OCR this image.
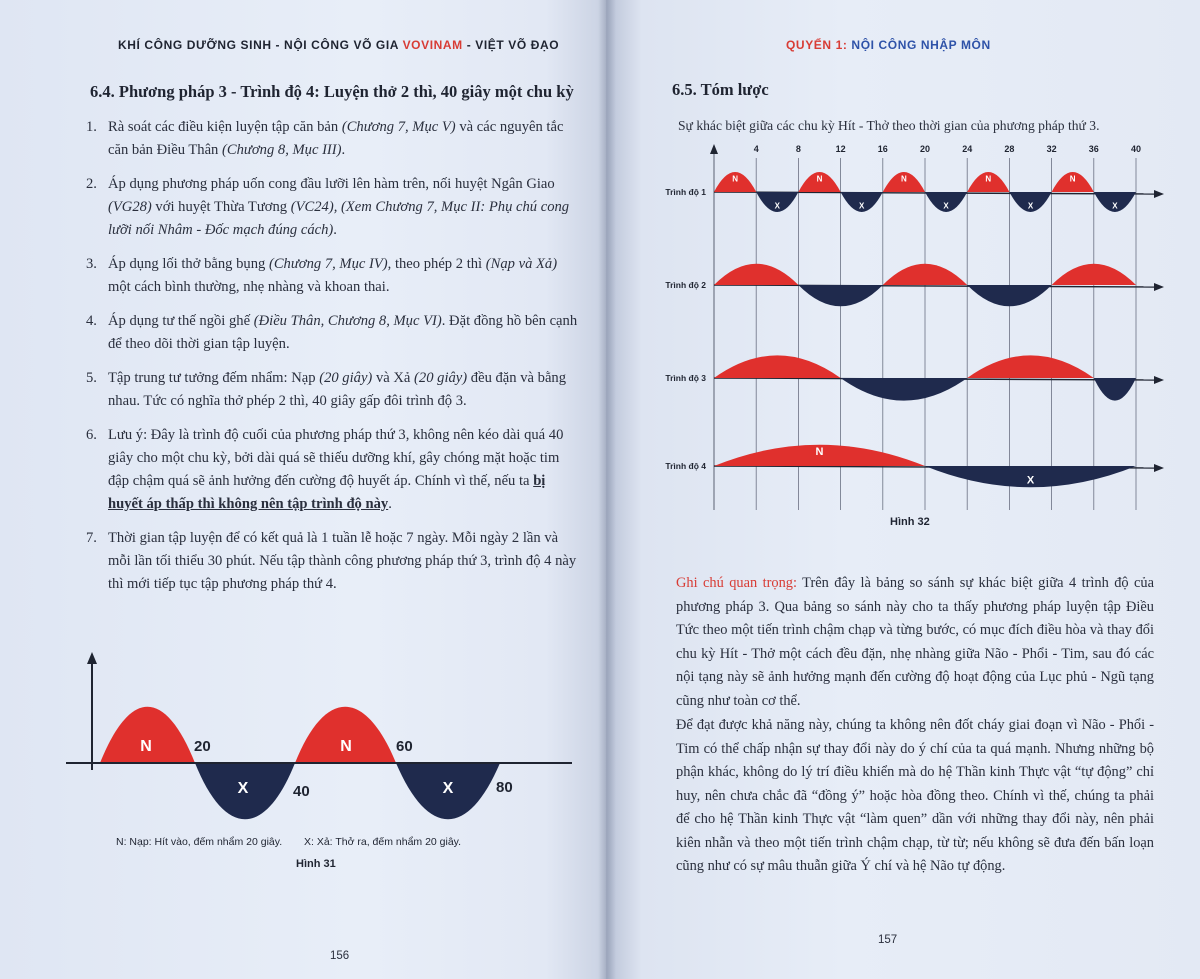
KHÍ CÔNG DƯỠNG SINH - NỘI CÔNG VÕ GIA VOVINAM - VIỆT VÕ ĐẠO
6.4. Phương pháp 3 - Trình độ 4: Luyện thở 2 thì, 40 giây một chu kỳ
1. Rà soát các điều kiện luyện tập căn bản (Chương 7, Mục V) và các nguyên tắc căn bản Điều Thân (Chương 8, Mục III).
2. Áp dụng phương pháp uốn cong đầu lưỡi lên hàm trên, nối huyệt Ngân Giao (VG28) với huyệt Thừa Tương (VC24), (Xem Chương 7, Mục II: Phụ chú cong lưỡi nối Nhâm - Đốc mạch đúng cách).
3. Áp dụng lối thở bằng bụng (Chương 7, Mục IV), theo phép 2 thì (Nạp và Xả) một cách bình thường, nhẹ nhàng và khoan thai.
4. Áp dụng tư thế ngồi ghế (Điều Thân, Chương 8, Mục VI). Đặt đồng hồ bên cạnh để theo dõi thời gian tập luyện.
5. Tập trung tư tưởng đếm nhẩm: Nạp (20 giây) và Xả (20 giây) đều đặn và bằng nhau. Tức có nghĩa thở phép 2 thì, 40 giây gấp đôi trình độ 3.
6. Lưu ý: Đây là trình độ cuối của phương pháp thứ 3, không nên kéo dài quá 40 giây cho một chu kỳ, bởi dài quá sẽ thiếu dưỡng khí, gây chóng mặt hoặc tim đập chậm quá sẽ ảnh hưởng đến cường độ huyết áp. Chính vì thế, nếu ta bị huyết áp thấp thì không nên tập trình độ này.
7. Thời gian tập luyện để có kết quả là 1 tuần lễ hoặc 7 ngày. Mỗi ngày 2 lần và mỗi lần tối thiểu 30 phút. Nếu tập thành công phương pháp thứ 3, trình độ 4 này thì mới tiếp tục tập phương pháp thứ 4.
N	N
X	X
20
40
60
80
N: Nạp: Hít vào, đếm nhẩm 20 giây. X: Xả: Thở ra, đếm nhẩm 20 giây.
Hình 31
156
QUYỂN 1: NỘI CÔNG NHẬP MÔN
6.5. Tóm lược
Sự khác biệt giữa các chu kỳ Hít - Thở theo thời gian của phương pháp thứ 3.
4	8	12	16	20	24	28	32	36	40
Trình độ 1
N
X
N
X
N
X
N
X
N
X
Trình độ 2
Trình độ 3
Trình độ 4
N
X
Hình 32
Ghi chú quan trọng: Trên đây là bảng so sánh sự khác biệt giữa 4 trình độ của phương pháp 3. Qua bảng so sánh này cho ta thấy phương pháp luyện tập Điều Tức theo một tiến trình chậm chạp và từng bước, có mục đích điều hòa và thay đổi chu kỳ Hít - Thở một cách đều đặn, nhẹ nhàng giữa Não - Phổi - Tim, sau đó các nội tạng này sẽ ảnh hưởng mạnh đến cường độ hoạt động của Lục phủ - Ngũ tạng cũng như toàn cơ thể.
Để đạt được khả năng này, chúng ta không nên đốt cháy giai đoạn vì Não - Phổi - Tim có thể chấp nhận sự thay đổi này do ý chí của ta quá mạnh. Nhưng những bộ phận khác, không do lý trí điều khiển mà do hệ Thần kinh Thực vật “tự động” chỉ huy, nên chưa chắc đã “đồng ý” hoặc hòa đồng theo. Chính vì thế, chúng ta phải để cho hệ Thần kinh Thực vật “làm quen” dần với những thay đổi này, nên phải kiên nhẫn và theo một tiến trình chậm chạp, từ từ; nếu không sẽ đưa đến bấn loạn cũng như có sự mâu thuẫn giữa Ý chí và hệ Não tự động.
157
